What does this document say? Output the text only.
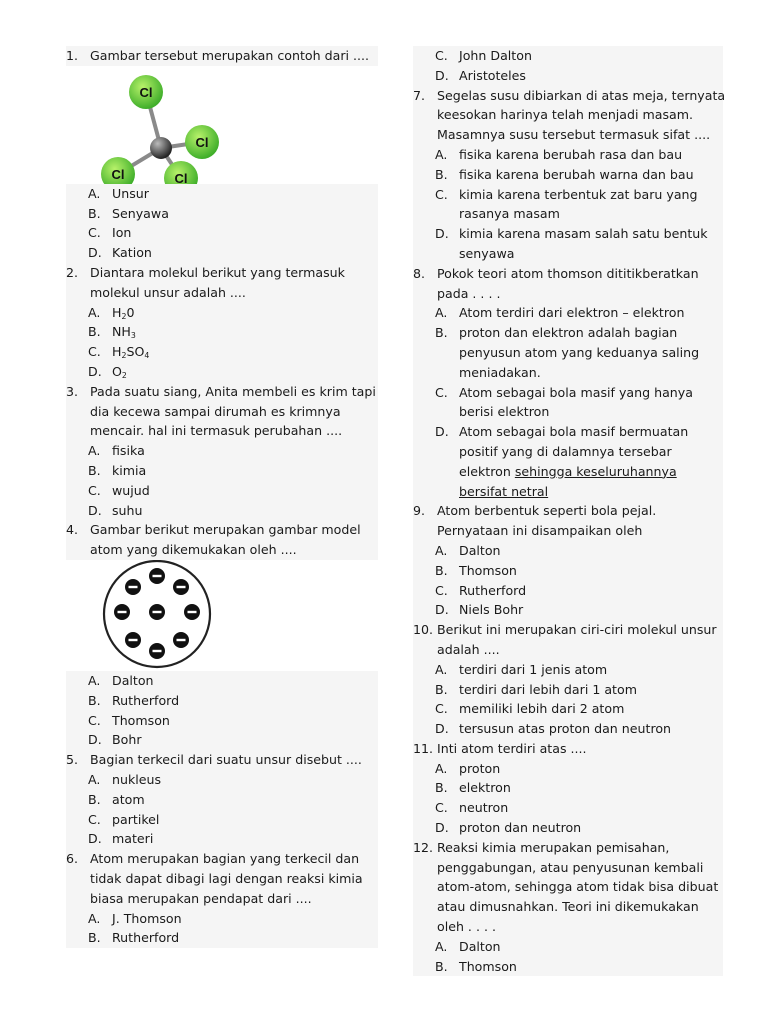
1. Gambar tersebut merupakan contoh dari ....
Cl
Cl
Cl	Cl
A. Unsur
B. Senyawa
C. Ion
D. Kation
2. Diantara molekul berikut yang termasuk
molekul unsur adalah ....
A. $H_20$
B. $NH_3$
C. $H_2SO_4$
D. $O_2$
3. Pada suatu siang, Anita membeli es krim tapi
dia kecewa sampai dirumah es krimnya
mencair. hal ini termasuk perubahan ....
A. fisika
B. kimia
C. wujud
D. suhu
4. Gambar berikut merupakan gambar model
atom yang dikemukakan oleh ....
A. Dalton
B. Rutherford
C. Thomson
D. Bohr
5. Bagian terkecil dari suatu unsur disebut ....
A. nukleus
B. atom
C. partikel
D. materi
6. Atom merupakan bagian yang terkecil dan
tidak dapat dibagi lagi dengan reaksi kimia
biasa merupakan pendapat dari ....
A. J. Thomson
B. Rutherford
C. John Dalton
D. Aristoteles
7. Segelas susu dibiarkan di atas meja, ternyata
keesokan harinya telah menjadi masam.
Masamnya susu tersebut termasuk sifat ....
A. fisika karena berubah rasa dan bau
B. fisika karena berubah warna dan bau
C. kimia karena terbentuk zat baru yang
rasanya masam
D. kimia karena masam salah satu bentuk
senyawa
8. Pokok teori atom thomson dititikberatkan
pada . . . .
A. Atom terdiri dari elektron – elektron
B. proton dan elektron adalah bagian
penyusun atom yang keduanya saling
meniadakan.
C. Atom sebagai bola masif yang hanya
berisi elektron
D. Atom sebagai bola masif bermuatan
positif yang di dalamnya tersebar
elektron sehingga keseluruhannya
bersifat netral
9. Atom berbentuk seperti bola pejal.
Pernyataan ini disampaikan oleh
A. Dalton
B. Thomson
C. Rutherford
D. Niels Bohr
10. Berikut ini merupakan ciri-ciri molekul unsur
adalah ....
A. terdiri dari 1 jenis atom
B. terdiri dari lebih dari 1 atom
C. memiliki lebih dari 2 atom
D. tersusun atas proton dan neutron
11. Inti atom terdiri atas ....
A. proton
B. elektron
C. neutron
D. proton dan neutron
12. Reaksi kimia merupakan pemisahan,
penggabungan, atau penyusunan kembali
atom-atom, sehingga atom tidak bisa dibuat
atau dimusnahkan. Teori ini dikemukakan
oleh . . . .
A. Dalton
B. Thomson
